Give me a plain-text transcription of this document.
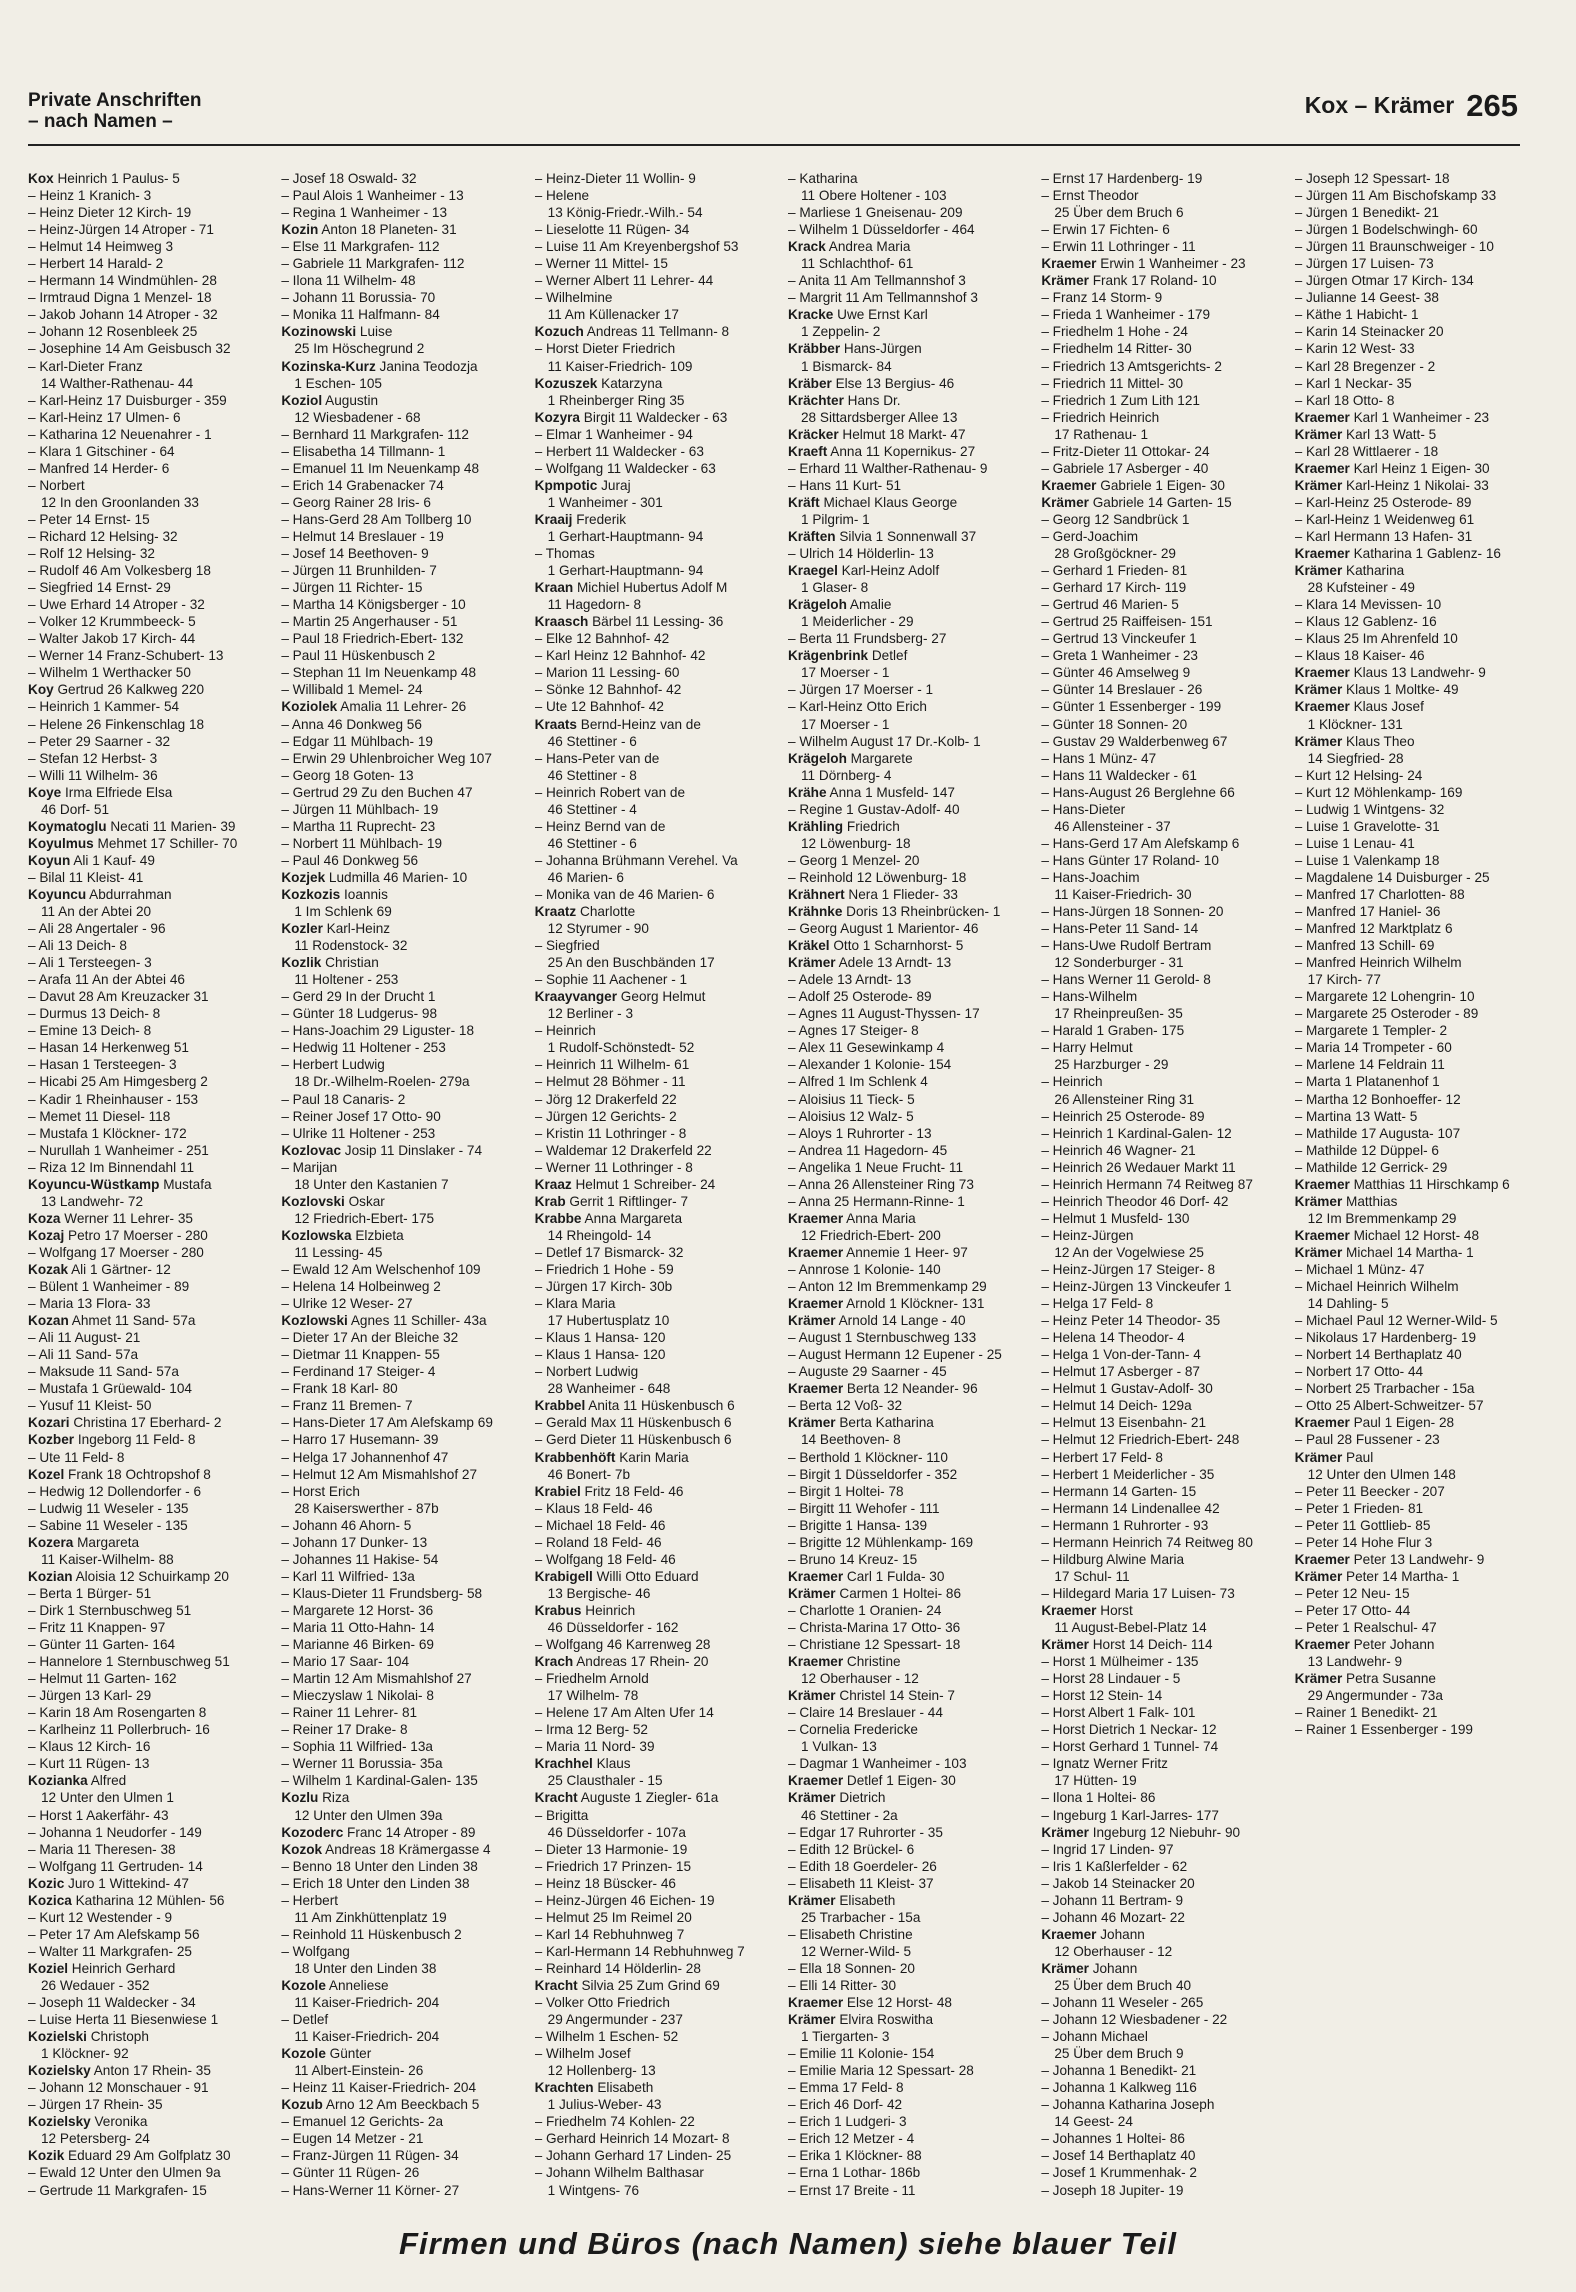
Private Anschriften
– nach Namen –
Kox – Krämer 265
Kox Heinrich 1 Paulus- 5
– Heinz 1 Kranich- 3
– Heinz Dieter 12 Kirch- 19
– Heinz-Jürgen 14 Atroper - 71
– Helmut 14 Heimweg 3
– Herbert 14 Harald- 2
– Hermann 14 Windmühlen- 28
– Irmtraud Digna 1 Menzel- 18
– Jakob Johann 14 Atroper - 32
– Johann 12 Rosenbleek 25
– Josephine 14 Am Geisbusch 32
– Karl-Dieter Franz
14 Walther-Rathenau- 44
– Karl-Heinz 17 Duisburger - 359
– Karl-Heinz 17 Ulmen- 6
– Katharina 12 Neuenahrer - 1
– Klara 1 Gitschiner - 64
– Manfred 14 Herder- 6
– Norbert
12 In den Groonlanden 33
– Peter 14 Ernst- 15
– Richard 12 Helsing- 32
– Rolf 12 Helsing- 32
– Rudolf 46 Am Volkesberg 18
– Siegfried 14 Ernst- 29
– Uwe Erhard 14 Atroper - 32
– Volker 12 Krummbeeck- 5
– Walter Jakob 17 Kirch- 44
– Werner 14 Franz-Schubert- 13
– Wilhelm 1 Werthacker 50
Koy Gertrud 26 Kalkweg 220
– Heinrich 1 Kammer- 54
– Helene 26 Finkenschlag 18
– Peter 29 Saarner - 32
– Stefan 12 Herbst- 3
– Willi 11 Wilhelm- 36
Koye Irma Elfriede Elsa
46 Dorf- 51
Koymatoglu Necati 11 Marien- 39
Koyulmus Mehmet 17 Schiller- 70
Koyun Ali 1 Kauf- 49
– Bilal 11 Kleist- 41
Koyuncu Abdurrahman
11 An der Abtei 20
– Ali 28 Angertaler - 96
– Ali 13 Deich- 8
– Ali 1 Tersteegen- 3
– Arafa 11 An der Abtei 46
– Davut 28 Am Kreuzacker 31
– Durmus 13 Deich- 8
– Emine 13 Deich- 8
– Hasan 14 Herkenweg 51
– Hasan 1 Tersteegen- 3
– Hicabi 25 Am Himgesberg 2
– Kadir 1 Rheinhauser - 153
– Memet 11 Diesel- 118
– Mustafa 1 Klöckner- 172
– Nurullah 1 Wanheimer - 251
– Riza 12 Im Binnendahl 11
Koyuncu-Wüstkamp Mustafa
13 Landwehr- 72
Koza Werner 11 Lehrer- 35
Kozaj Petro 17 Moerser - 280
– Wolfgang 17 Moerser - 280
Kozak Ali 1 Gärtner- 12
– Bülent 1 Wanheimer - 89
– Maria 13 Flora- 33
Kozan Ahmet 11 Sand- 57a
– Ali 11 August- 21
– Ali 11 Sand- 57a
– Maksude 11 Sand- 57a
– Mustafa 1 Grüewald- 104
– Yusuf 11 Kleist- 50
Kozari Christina 17 Eberhard- 2
Kozber Ingeborg 11 Feld- 8
– Ute 11 Feld- 8
Kozel Frank 18 Ochtropshof 8
– Hedwig 12 Dollendorfer - 6
– Ludwig 11 Weseler - 135
– Sabine 11 Weseler - 135
Kozera Margareta
11 Kaiser-Wilhelm- 88
Kozian Aloisia 12 Schuirkamp 20
– Berta 1 Bürger- 51
– Dirk 1 Sternbuschweg 51
– Fritz 11 Knappen- 97
– Günter 11 Garten- 164
– Hannelore 1 Sternbuschweg 51
– Helmut 11 Garten- 162
– Jürgen 13 Karl- 29
– Karin 18 Am Rosengarten 8
– Karlheinz 11 Pollerbruch- 16
– Klaus 12 Kirch- 16
– Kurt 11 Rügen- 13
Kozianka Alfred
12 Unter den Ulmen 1
– Horst 1 Aakerfähr- 43
– Johanna 1 Neudorfer - 149
– Maria 11 Theresen- 38
– Wolfgang 11 Gertruden- 14
Kozic Juro 1 Wittekind- 47
Kozica Katharina 12 Mühlen- 56
– Kurt 12 Westender - 9
– Peter 17 Am Alefskamp 56
– Walter 11 Markgrafen- 25
Koziel Heinrich Gerhard
26 Wedauer - 352
– Joseph 11 Waldecker - 34
– Luise Herta 11 Biesenwiese 1
Kozielski Christoph
1 Klöckner- 92
Kozielsky Anton 17 Rhein- 35
– Johann 12 Monschauer - 91
– Jürgen 17 Rhein- 35
Kozielsky Veronika
12 Petersberg- 24
Kozik Eduard 29 Am Golfplatz 30
– Ewald 12 Unter den Ulmen 9a
– Gertrude 11 Markgrafen- 15
– Josef 18 Oswald- 32
– Paul Alois 1 Wanheimer - 13
– Regina 1 Wanheimer - 13
Kozin Anton 18 Planeten- 31
– Else 11 Markgrafen- 112
– Gabriele 11 Markgrafen- 112
– Ilona 11 Wilhelm- 48
– Johann 11 Borussia- 70
– Monika 11 Halfmann- 84
Kozinowski Luise
25 Im Höschegrund 2
Kozinska-Kurz Janina Teodozja
1 Eschen- 105
Koziol Augustin
12 Wiesbadener - 68
– Bernhard 11 Markgrafen- 112
– Elisabetha 14 Tillmann- 1
– Emanuel 11 Im Neuenkamp 48
– Erich 14 Grabenacker 74
– Georg Rainer 28 Iris- 6
– Hans-Gerd 28 Am Tollberg 10
– Helmut 14 Breslauer - 19
– Josef 14 Beethoven- 9
– Jürgen 11 Brunhilden- 7
– Jürgen 11 Richter- 15
– Martha 14 Königsberger - 10
– Martin 25 Angerhauser - 51
– Paul 18 Friedrich-Ebert- 132
– Paul 11 Hüskenbusch 2
– Stephan 11 Im Neuenkamp 48
– Willibald 1 Memel- 24
Koziolek Amalia 11 Lehrer- 26
– Anna 46 Donkweg 56
– Edgar 11 Mühlbach- 19
– Erwin 29 Uhlenbroicher Weg 107
– Georg 18 Goten- 13
– Gertrud 29 Zu den Buchen 47
– Jürgen 11 Mühlbach- 19
– Martha 11 Ruprecht- 23
– Norbert 11 Mühlbach- 19
– Paul 46 Donkweg 56
Kozjek Ludmilla 46 Marien- 10
Kozkozis Ioannis
1 Im Schlenk 69
Kozler Karl-Heinz
11 Rodenstock- 32
Kozlik Christian
11 Holtener - 253
– Gerd 29 In der Drucht 1
– Günter 18 Ludgerus- 98
– Hans-Joachim 29 Liguster- 18
– Hedwig 11 Holtener - 253
– Herbert Ludwig
18 Dr.-Wilhelm-Roelen- 279a
– Paul 18 Canaris- 2
– Reiner Josef 17 Otto- 90
– Ulrike 11 Holtener - 253
Kozlovac Josip 11 Dinslaker - 74
– Marijan
18 Unter den Kastanien 7
Kozlovski Oskar
12 Friedrich-Ebert- 175
Kozlowska Elzbieta
11 Lessing- 45
– Ewald 12 Am Welschenhof 109
– Helena 14 Holbeinweg 2
– Ulrike 12 Weser- 27
Kozlowski Agnes 11 Schiller- 43a
– Dieter 17 An der Bleiche 32
– Dietmar 11 Knappen- 55
– Ferdinand 17 Steiger- 4
– Frank 18 Karl- 80
– Franz 11 Bremen- 7
– Hans-Dieter 17 Am Alefskamp 69
– Harro 17 Husemann- 39
– Helga 17 Johannenhof 47
– Helmut 12 Am Mismahlshof 27
– Horst Erich
28 Kaiserswerther - 87b
– Johann 46 Ahorn- 5
– Johann 17 Dunker- 13
– Johannes 11 Hakise- 54
– Karl 11 Wilfried- 13a
– Klaus-Dieter 11 Frundsberg- 58
– Margarete 12 Horst- 36
– Maria 11 Otto-Hahn- 14
– Marianne 46 Birken- 69
– Mario 17 Saar- 104
– Martin 12 Am Mismahlshof 27
– Mieczyslaw 1 Nikolai- 8
– Rainer 11 Lehrer- 81
– Reiner 17 Drake- 8
– Sophia 11 Wilfried- 13a
– Werner 11 Borussia- 35a
– Wilhelm 1 Kardinal-Galen- 135
Kozlu Riza
12 Unter den Ulmen 39a
Kozoderc Franc 14 Atroper - 89
Kozok Andreas 18 Krämergasse 4
– Benno 18 Unter den Linden 38
– Erich 18 Unter den Linden 38
– Herbert
11 Am Zinkhüttenplatz 19
– Reinhold 11 Hüskenbusch 2
– Wolfgang
18 Unter den Linden 38
Kozole Anneliese
11 Kaiser-Friedrich- 204
– Detlef
11 Kaiser-Friedrich- 204
Kozole Günter
11 Albert-Einstein- 26
– Heinz 11 Kaiser-Friedrich- 204
Kozub Arno 12 Am Beeckbach 5
– Emanuel 12 Gerichts- 2a
– Eugen 14 Metzer - 21
– Franz-Jürgen 11 Rügen- 34
– Günter 11 Rügen- 26
– Hans-Werner 11 Körner- 27
– Heinz-Dieter 11 Wollin- 9
– Helene
13 König-Friedr.-Wilh.- 54
– Lieselotte 11 Rügen- 34
– Luise 11 Am Kreyenbergshof 53
– Werner 11 Mittel- 15
– Werner Albert 11 Lehrer- 44
– Wilhelmine
11 Am Küllenacker 17
Kozuch Andreas 11 Tellmann- 8
– Horst Dieter Friedrich
11 Kaiser-Friedrich- 109
Kozuszek Katarzyna
1 Rheinberger Ring 35
Kozyra Birgit 11 Waldecker - 63
– Elmar 1 Wanheimer - 94
– Herbert 11 Waldecker - 63
– Wolfgang 11 Waldecker - 63
Kpmpotic Juraj
1 Wanheimer - 301
Kraaij Frederik
1 Gerhart-Hauptmann- 94
– Thomas
1 Gerhart-Hauptmann- 94
Kraan Michiel Hubertus Adolf M
11 Hagedorn- 8
Kraasch Bärbel 11 Lessing- 36
– Elke 12 Bahnhof- 42
– Karl Heinz 12 Bahnhof- 42
– Marion 11 Lessing- 60
– Sönke 12 Bahnhof- 42
– Ute 12 Bahnhof- 42
Kraats Bernd-Heinz van de
46 Stettiner - 6
– Hans-Peter van de
46 Stettiner - 8
– Heinrich Robert van de
46 Stettiner - 4
– Heinz Bernd van de
46 Stettiner - 6
– Johanna Brühmann Verehel. Va
46 Marien- 6
– Monika van de 46 Marien- 6
Kraatz Charlotte
12 Styrumer - 90
– Siegfried
25 An den Buschbänden 17
– Sophie 11 Aachener - 1
Kraayvanger Georg Helmut
12 Berliner - 3
– Heinrich
1 Rudolf-Schönstedt- 52
– Heinrich 11 Wilhelm- 61
– Helmut 28 Böhmer - 11
– Jörg 12 Drakerfeld 22
– Jürgen 12 Gerichts- 2
– Kristin 11 Lothringer - 8
– Waldemar 12 Drakerfeld 22
– Werner 11 Lothringer - 8
Kraaz Helmut 1 Schreiber- 24
Krab Gerrit 1 Riftlinger- 7
Krabbe Anna Margareta
14 Rheingold- 14
– Detlef 17 Bismarck- 32
– Friedrich 1 Hohe - 59
– Jürgen 17 Kirch- 30b
– Klara Maria
17 Hubertusplatz 10
– Klaus 1 Hansa- 120
– Klaus 1 Hansa- 120
– Norbert Ludwig
28 Wanheimer - 648
Krabbel Anita 11 Hüskenbusch 6
– Gerald Max 11 Hüskenbusch 6
– Gerd Dieter 11 Hüskenbusch 6
Krabbenhöft Karin Maria
46 Bonert- 7b
Krabiel Fritz 18 Feld- 46
– Klaus 18 Feld- 46
– Michael 18 Feld- 46
– Roland 18 Feld- 46
– Wolfgang 18 Feld- 46
Krabigell Willi Otto Eduard
13 Bergische- 46
Krabus Heinrich
46 Düsseldorfer - 162
– Wolfgang 46 Karrenweg 28
Krach Andreas 17 Rhein- 20
– Friedhelm Arnold
17 Wilhelm- 78
– Helene 17 Am Alten Ufer 14
– Irma 12 Berg- 52
– Maria 11 Nord- 39
Krachhel Klaus
25 Clausthaler - 15
Kracht Auguste 1 Ziegler- 61a
– Brigitta
46 Düsseldorfer - 107a
– Dieter 13 Harmonie- 19
– Friedrich 17 Prinzen- 15
– Heinz 18 Büscker- 46
– Heinz-Jürgen 46 Eichen- 19
– Helmut 25 Im Reimel 20
– Karl 14 Rebhuhnweg 7
– Karl-Hermann 14 Rebhuhnweg 7
– Reinhard 14 Hölderlin- 28
Kracht Silvia 25 Zum Grind 69
– Volker Otto Friedrich
29 Angermunder - 237
– Wilhelm 1 Eschen- 52
– Wilhelm Josef
12 Hollenberg- 13
Krachten Elisabeth
1 Julius-Weber- 43
– Friedhelm 74 Kohlen- 22
– Gerhard Heinrich 14 Mozart- 8
– Johann Gerhard 17 Linden- 25
– Johann Wilhelm Balthasar
1 Wintgens- 76
– Katharina
11 Obere Holtener - 103
– Marliese 1 Gneisenau- 209
– Wilhelm 1 Düsseldorfer - 464
Krack Andrea Maria
11 Schlachthof- 61
– Anita 11 Am Tellmannshof 3
– Margrit 11 Am Tellmannshof 3
Kracke Uwe Ernst Karl
1 Zeppelin- 2
Kräbber Hans-Jürgen
1 Bismarck- 84
Kräber Else 13 Bergius- 46
Krächter Hans Dr.
28 Sittardsberger Allee 13
Kräcker Helmut 18 Markt- 47
Kraeft Anna 11 Kopernikus- 27
– Erhard 11 Walther-Rathenau- 9
– Hans 11 Kurt- 51
Kräft Michael Klaus George
1 Pilgrim- 1
Kräften Silvia 1 Sonnenwall 37
– Ulrich 14 Hölderlin- 13
Kraegel Karl-Heinz Adolf
1 Glaser- 8
Krägeloh Amalie
1 Meiderlicher - 29
– Berta 11 Frundsberg- 27
Krägenbrink Detlef
17 Moerser - 1
– Jürgen 17 Moerser - 1
– Karl-Heinz Otto Erich
17 Moerser - 1
– Wilhelm August 17 Dr.-Kolb- 1
Krägeloh Margarete
11 Dörnberg- 4
Krähe Anna 1 Musfeld- 147
– Regine 1 Gustav-Adolf- 40
Krähling Friedrich
12 Löwenburg- 18
– Georg 1 Menzel- 20
– Reinhold 12 Löwenburg- 18
Krähnert Nera 1 Flieder- 33
Krähnke Doris 13 Rheinbrücken- 1
– Georg August 1 Marientor- 46
Kräkel Otto 1 Scharnhorst- 5
Krämer Adele 13 Arndt- 13
– Adele 13 Arndt- 13
– Adolf 25 Osterode- 89
– Agnes 11 August-Thyssen- 17
– Agnes 17 Steiger- 8
– Alex 11 Gesewinkamp 4
– Alexander 1 Kolonie- 154
– Alfred 1 Im Schlenk 4
– Aloisius 11 Tieck- 5
– Aloisius 12 Walz- 5
– Aloys 1 Ruhrorter - 13
– Andrea 11 Hagedorn- 45
– Angelika 1 Neue Frucht- 11
– Anna 26 Allensteiner Ring 73
– Anna 25 Hermann-Rinne- 1
Kraemer Anna Maria
12 Friedrich-Ebert- 200
Kraemer Annemie 1 Heer- 97
– Annrose 1 Kolonie- 140
– Anton 12 Im Bremmenkamp 29
Kraemer Arnold 1 Klöckner- 131
Krämer Arnold 14 Lange - 40
– August 1 Sternbuschweg 133
– August Hermann 12 Eupener - 25
– Auguste 29 Saarner - 45
Kraemer Berta 12 Neander- 96
– Berta 12 Voß- 32
Krämer Berta Katharina
14 Beethoven- 8
– Berthold 1 Klöckner- 110
– Birgit 1 Düsseldorfer - 352
– Birgit 1 Holtei- 78
– Birgitt 11 Wehofer - 111
– Brigitte 1 Hansa- 139
– Brigitte 12 Mühlenkamp- 169
– Bruno 14 Kreuz- 15
Kraemer Carl 1 Fulda- 30
Krämer Carmen 1 Holtei- 86
– Charlotte 1 Oranien- 24
– Christa-Marina 17 Otto- 36
– Christiane 12 Spessart- 18
Kraemer Christine
12 Oberhauser - 12
Krämer Christel 14 Stein- 7
– Claire 14 Breslauer - 44
– Cornelia Fredericke
1 Vulkan- 13
– Dagmar 1 Wanheimer - 103
Kraemer Detlef 1 Eigen- 30
Krämer Dietrich
46 Stettiner - 2a
– Edgar 17 Ruhrorter - 35
– Edith 12 Brückel- 6
– Edith 18 Goerdeler- 26
– Elisabeth 11 Kleist- 37
Krämer Elisabeth
25 Trarbacher - 15a
– Elisabeth Christine
12 Werner-Wild- 5
– Ella 18 Sonnen- 20
– Elli 14 Ritter- 30
Kraemer Else 12 Horst- 48
Krämer Elvira Roswitha
1 Tiergarten- 3
– Emilie 11 Kolonie- 154
– Emilie Maria 12 Spessart- 28
– Emma 17 Feld- 8
– Erich 46 Dorf- 42
– Erich 1 Ludgeri- 3
– Erich 12 Metzer - 4
– Erika 1 Klöckner- 88
– Erna 1 Lothar- 186b
– Ernst 17 Breite - 11
– Ernst 17 Hardenberg- 19
– Ernst Theodor
25 Über dem Bruch 6
– Erwin 17 Fichten- 6
– Erwin 11 Lothringer - 11
Kraemer Erwin 1 Wanheimer - 23
Krämer Frank 17 Roland- 10
– Franz 14 Storm- 9
– Frieda 1 Wanheimer - 179
– Friedhelm 1 Hohe - 24
– Friedhelm 14 Ritter- 30
– Friedrich 13 Amtsgerichts- 2
– Friedrich 11 Mittel- 30
– Friedrich 1 Zum Lith 121
– Friedrich Heinrich
17 Rathenau- 1
– Fritz-Dieter 11 Ottokar- 24
– Gabriele 17 Asberger - 40
Kraemer Gabriele 1 Eigen- 30
Krämer Gabriele 14 Garten- 15
– Georg 12 Sandbrück 1
– Gerd-Joachim
28 Großgöckner- 29
– Gerhard 1 Frieden- 81
– Gerhard 17 Kirch- 119
– Gertrud 46 Marien- 5
– Gertrud 25 Raiffeisen- 151
– Gertrud 13 Vinckeufer 1
– Greta 1 Wanheimer - 23
– Günter 46 Amselweg 9
– Günter 14 Breslauer - 26
– Günter 1 Essenberger - 199
– Günter 18 Sonnen- 20
– Gustav 29 Walderbenweg 67
– Hans 1 Münz- 47
– Hans 11 Waldecker - 61
– Hans-August 26 Berglehne 66
– Hans-Dieter
46 Allensteiner - 37
– Hans-Gerd 17 Am Alefskamp 6
– Hans Günter 17 Roland- 10
– Hans-Joachim
11 Kaiser-Friedrich- 30
– Hans-Jürgen 18 Sonnen- 20
– Hans-Peter 11 Sand- 14
– Hans-Uwe Rudolf Bertram
12 Sonderburger - 31
– Hans Werner 11 Gerold- 8
– Hans-Wilhelm
17 Rheinpreußen- 35
– Harald 1 Graben- 175
– Harry Helmut
25 Harzburger - 29
– Heinrich
26 Allensteiner Ring 31
– Heinrich 25 Osterode- 89
– Heinrich 1 Kardinal-Galen- 12
– Heinrich 46 Wagner- 21
– Heinrich 26 Wedauer Markt 11
– Heinrich Hermann 74 Reitweg 87
– Heinrich Theodor 46 Dorf- 42
– Helmut 1 Musfeld- 130
– Heinz-Jürgen
12 An der Vogelwiese 25
– Heinz-Jürgen 17 Steiger- 8
– Heinz-Jürgen 13 Vinckeufer 1
– Helga 17 Feld- 8
– Heinz Peter 14 Theodor- 35
– Helena 14 Theodor- 4
– Helga 1 Von-der-Tann- 4
– Helmut 17 Asberger - 87
– Helmut 1 Gustav-Adolf- 30
– Helmut 14 Deich- 129a
– Helmut 13 Eisenbahn- 21
– Helmut 12 Friedrich-Ebert- 248
– Herbert 17 Feld- 8
– Herbert 1 Meiderlicher - 35
– Hermann 14 Garten- 15
– Hermann 14 Lindenallee 42
– Hermann 1 Ruhrorter - 93
– Hermann Heinrich 74 Reitweg 80
– Hildburg Alwine Maria
17 Schul- 11
– Hildegard Maria 17 Luisen- 73
Kraemer Horst
11 August-Bebel-Platz 14
Krämer Horst 14 Deich- 114
– Horst 1 Mülheimer - 135
– Horst 28 Lindauer - 5
– Horst 12 Stein- 14
– Horst Albert 1 Falk- 101
– Horst Dietrich 1 Neckar- 12
– Horst Gerhard 1 Tunnel- 74
– Ignatz Werner Fritz
17 Hütten- 19
– Ilona 1 Holtei- 86
– Ingeburg 1 Karl-Jarres- 177
Krämer Ingeburg 12 Niebuhr- 90
– Ingrid 17 Linden- 97
– Iris 1 Kaßlerfelder - 62
– Jakob 14 Steinacker 20
– Johann 11 Bertram- 9
– Johann 46 Mozart- 22
Kraemer Johann
12 Oberhauser - 12
Krämer Johann
25 Über dem Bruch 40
– Johann 11 Weseler - 265
– Johann 12 Wiesbadener - 22
– Johann Michael
25 Über dem Bruch 9
– Johanna 1 Benedikt- 21
– Johanna 1 Kalkweg 116
– Johanna Katharina Joseph
14 Geest- 24
– Johannes 1 Holtei- 86
– Josef 14 Berthaplatz 40
– Josef 1 Krummenhak- 2
– Joseph 18 Jupiter- 19
– Joseph 12 Spessart- 18
– Jürgen 11 Am Bischofskamp 33
– Jürgen 1 Benedikt- 21
– Jürgen 1 Bodelschwingh- 60
– Jürgen 11 Braunschweiger - 10
– Jürgen 17 Luisen- 73
– Jürgen Otmar 17 Kirch- 134
– Julianne 14 Geest- 38
– Käthe 1 Habicht- 1
– Karin 14 Steinacker 20
– Karin 12 West- 33
– Karl 28 Bregenzer - 2
– Karl 1 Neckar- 35
– Karl 18 Otto- 8
Kraemer Karl 1 Wanheimer - 23
Krämer Karl 13 Watt- 5
– Karl 28 Wittlaerer - 18
Kraemer Karl Heinz 1 Eigen- 30
Krämer Karl-Heinz 1 Nikolai- 33
– Karl-Heinz 25 Osterode- 89
– Karl-Heinz 1 Weidenweg 61
– Karl Hermann 13 Hafen- 31
Kraemer Katharina 1 Gablenz- 16
Krämer Katharina
28 Kufsteiner - 49
– Klara 14 Mevissen- 10
– Klaus 12 Gablenz- 16
– Klaus 25 Im Ahrenfeld 10
– Klaus 18 Kaiser- 46
Kraemer Klaus 13 Landwehr- 9
Krämer Klaus 1 Moltke- 49
Kraemer Klaus Josef
1 Klöckner- 131
Krämer Klaus Theo
14 Siegfried- 28
– Kurt 12 Helsing- 24
– Kurt 12 Möhlenkamp- 169
– Ludwig 1 Wintgens- 32
– Luise 1 Gravelotte- 31
– Luise 1 Lenau- 41
– Luise 1 Valenkamp 18
– Magdalene 14 Duisburger - 25
– Manfred 17 Charlotten- 88
– Manfred 17 Haniel- 36
– Manfred 12 Marktplatz 6
– Manfred 13 Schill- 69
– Manfred Heinrich Wilhelm
17 Kirch- 77
– Margarete 12 Lohengrin- 10
– Margarete 25 Osteroder - 89
– Margarete 1 Templer- 2
– Maria 14 Trompeter - 60
– Marlene 14 Feldrain 11
– Marta 1 Platanenhof 1
– Martha 12 Bonhoeffer- 12
– Martina 13 Watt- 5
– Mathilde 17 Augusta- 107
– Mathilde 12 Düppel- 6
– Mathilde 12 Gerrick- 29
Kraemer Matthias 11 Hirschkamp 6
Krämer Matthias
12 Im Bremmenkamp 29
Kraemer Michael 12 Horst- 48
Krämer Michael 14 Martha- 1
– Michael 1 Münz- 47
– Michael Heinrich Wilhelm
14 Dahling- 5
– Michael Paul 12 Werner-Wild- 5
– Nikolaus 17 Hardenberg- 19
– Norbert 14 Berthaplatz 40
– Norbert 17 Otto- 44
– Norbert 25 Trarbacher - 15a
– Otto 25 Albert-Schweitzer- 57
Kraemer Paul 1 Eigen- 28
– Paul 28 Fussener - 23
Krämer Paul
12 Unter den Ulmen 148
– Peter 11 Beecker - 207
– Peter 1 Frieden- 81
– Peter 11 Gottlieb- 85
– Peter 14 Hohe Flur 3
Kraemer Peter 13 Landwehr- 9
Krämer Peter 14 Martha- 1
– Peter 12 Neu- 15
– Peter 17 Otto- 44
– Peter 1 Realschul- 47
Kraemer Peter Johann
13 Landwehr- 9
Krämer Petra Susanne
29 Angermunder - 73a
– Rainer 1 Benedikt- 21
– Rainer 1 Essenberger - 199
Firmen und Büros (nach Namen) siehe blauer Teil
